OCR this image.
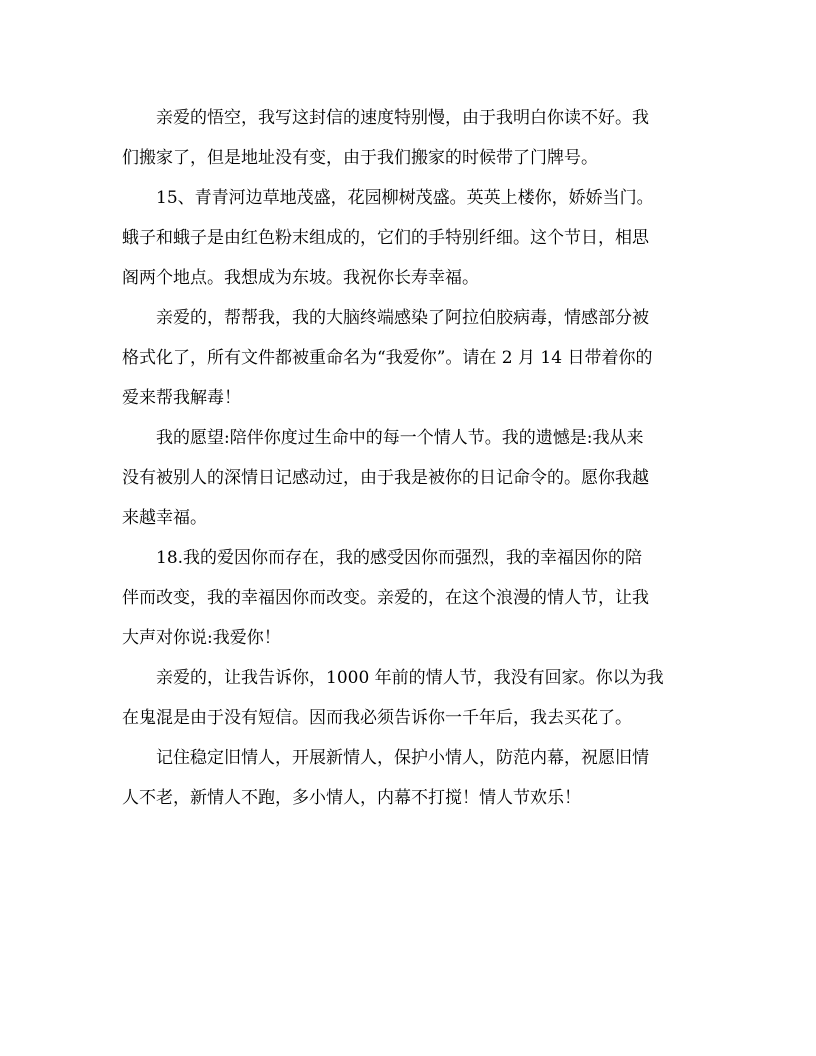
亲爱的悟空，我写这封信的速度特别慢，由于我明白你读不好。我
们搬家了，但是地址没有变，由于我们搬家的时候带了门牌号。
15、青青河边草地茂盛，花园柳树茂盛。英英上楼你，娇娇当门。
蛾子和蛾子是由红色粉末组成的，它们的手特别纤细。这个节日，相思
阁两个地点。我想成为东坡。我祝你长寿幸福。
亲爱的，帮帮我，我的大脑终端感染了阿拉伯胶病毒，情感部分被
格式化了，所有文件都被重命名为“我爱你”。请在 2 月 14 日带着你的
爱来帮我解毒！
我的愿望:陪伴你度过生命中的每一个情人节。我的遗憾是:我从来
没有被别人的深情日记感动过，由于我是被你的日记命令的。愿你我越
来越幸福。
18.我的爱因你而存在，我的感受因你而强烈，我的幸福因你的陪
伴而改变，我的幸福因你而改变。亲爱的，在这个浪漫的情人节，让我
大声对你说:我爱你！
亲爱的，让我告诉你，1000 年前的情人节，我没有回家。你以为我
在鬼混是由于没有短信。因而我必须告诉你一千年后，我去买花了。
记住稳定旧情人，开展新情人，保护小情人，防范内幕，祝愿旧情
人不老，新情人不跑，多小情人，内幕不打搅！情人节欢乐！
